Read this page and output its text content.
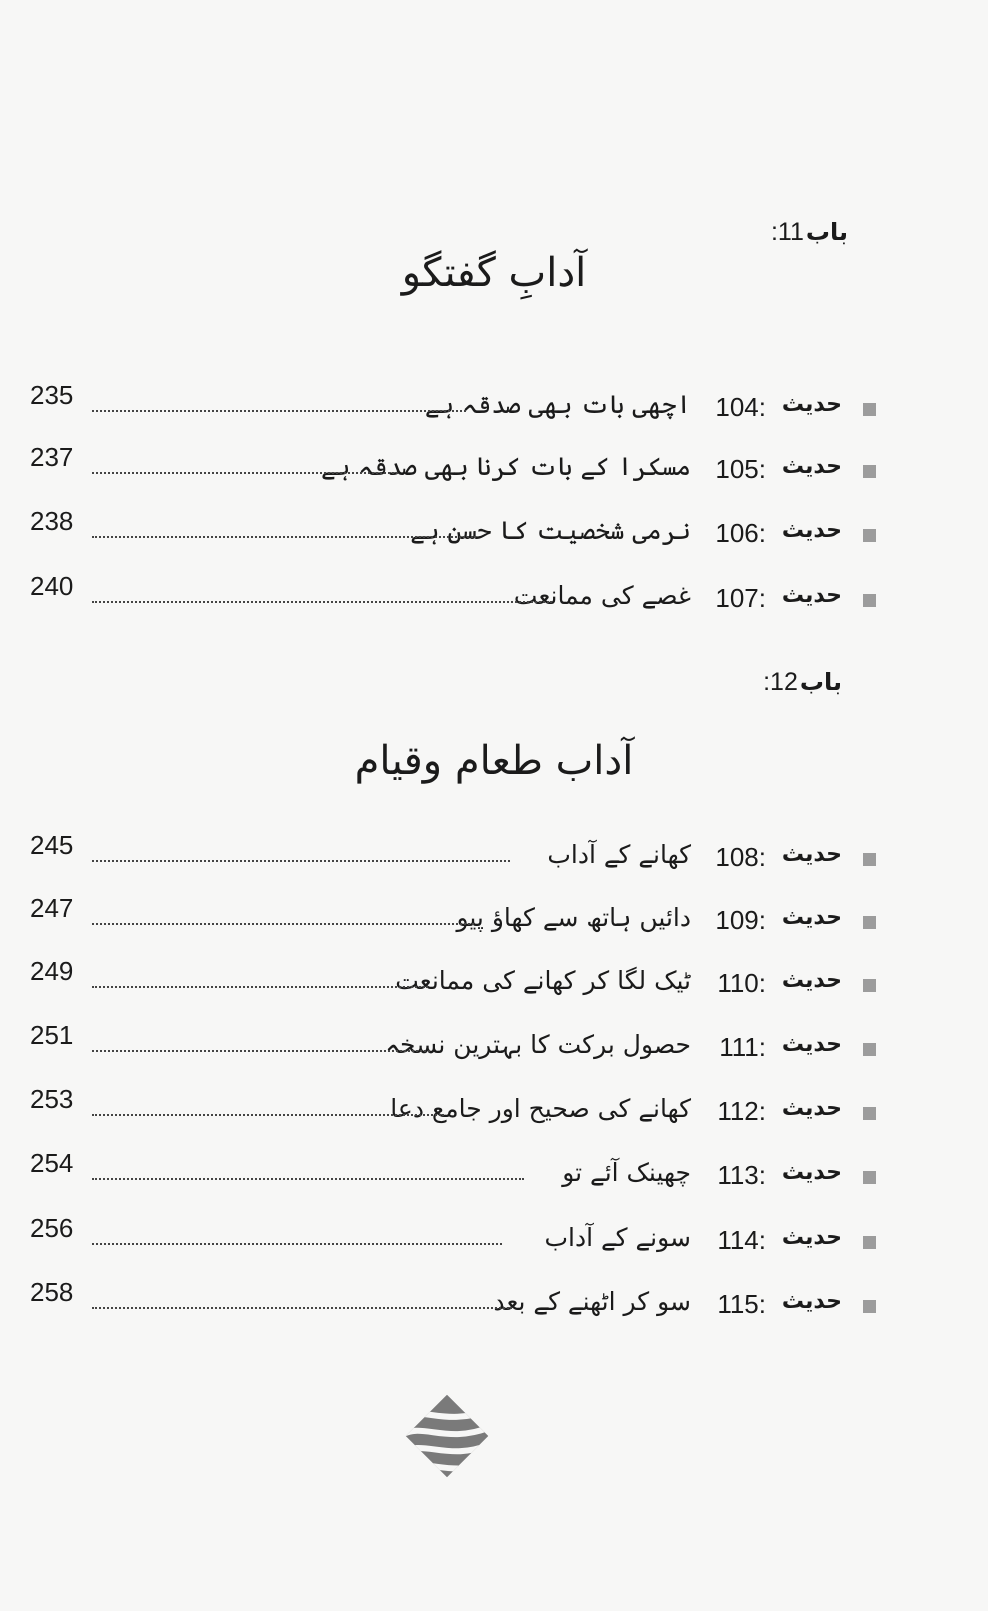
باب
:11
آدابِ گفتگو
حدیث
104:
اچھی بات بھی صدقہ ہے
235
حدیث
105:
مسکرا کے بات کرنا بھی صدقہ ہے
237
حدیث
106:
نرمی شخصیت کا حسن ہے
238
حدیث
107:
غصے کی ممانعت
240
باب
:12
آداب طعام وقیام
حدیث
108:
کھانے کے آداب
245
حدیث
109:
دائیں ہاتھ سے کھاؤ پیو
247
حدیث
110:
ٹیک لگا کر کھانے کی ممانعت
249
حدیث
111:
حصول برکت کا بہترین نسخہ
251
حدیث
112:
کھانے کی صحیح اور جامع دعا
253
حدیث
113:
چھینک آئے تو
254
حدیث
114:
سونے کے آداب
256
حدیث
115:
سو کر اٹھنے کے بعد
258
